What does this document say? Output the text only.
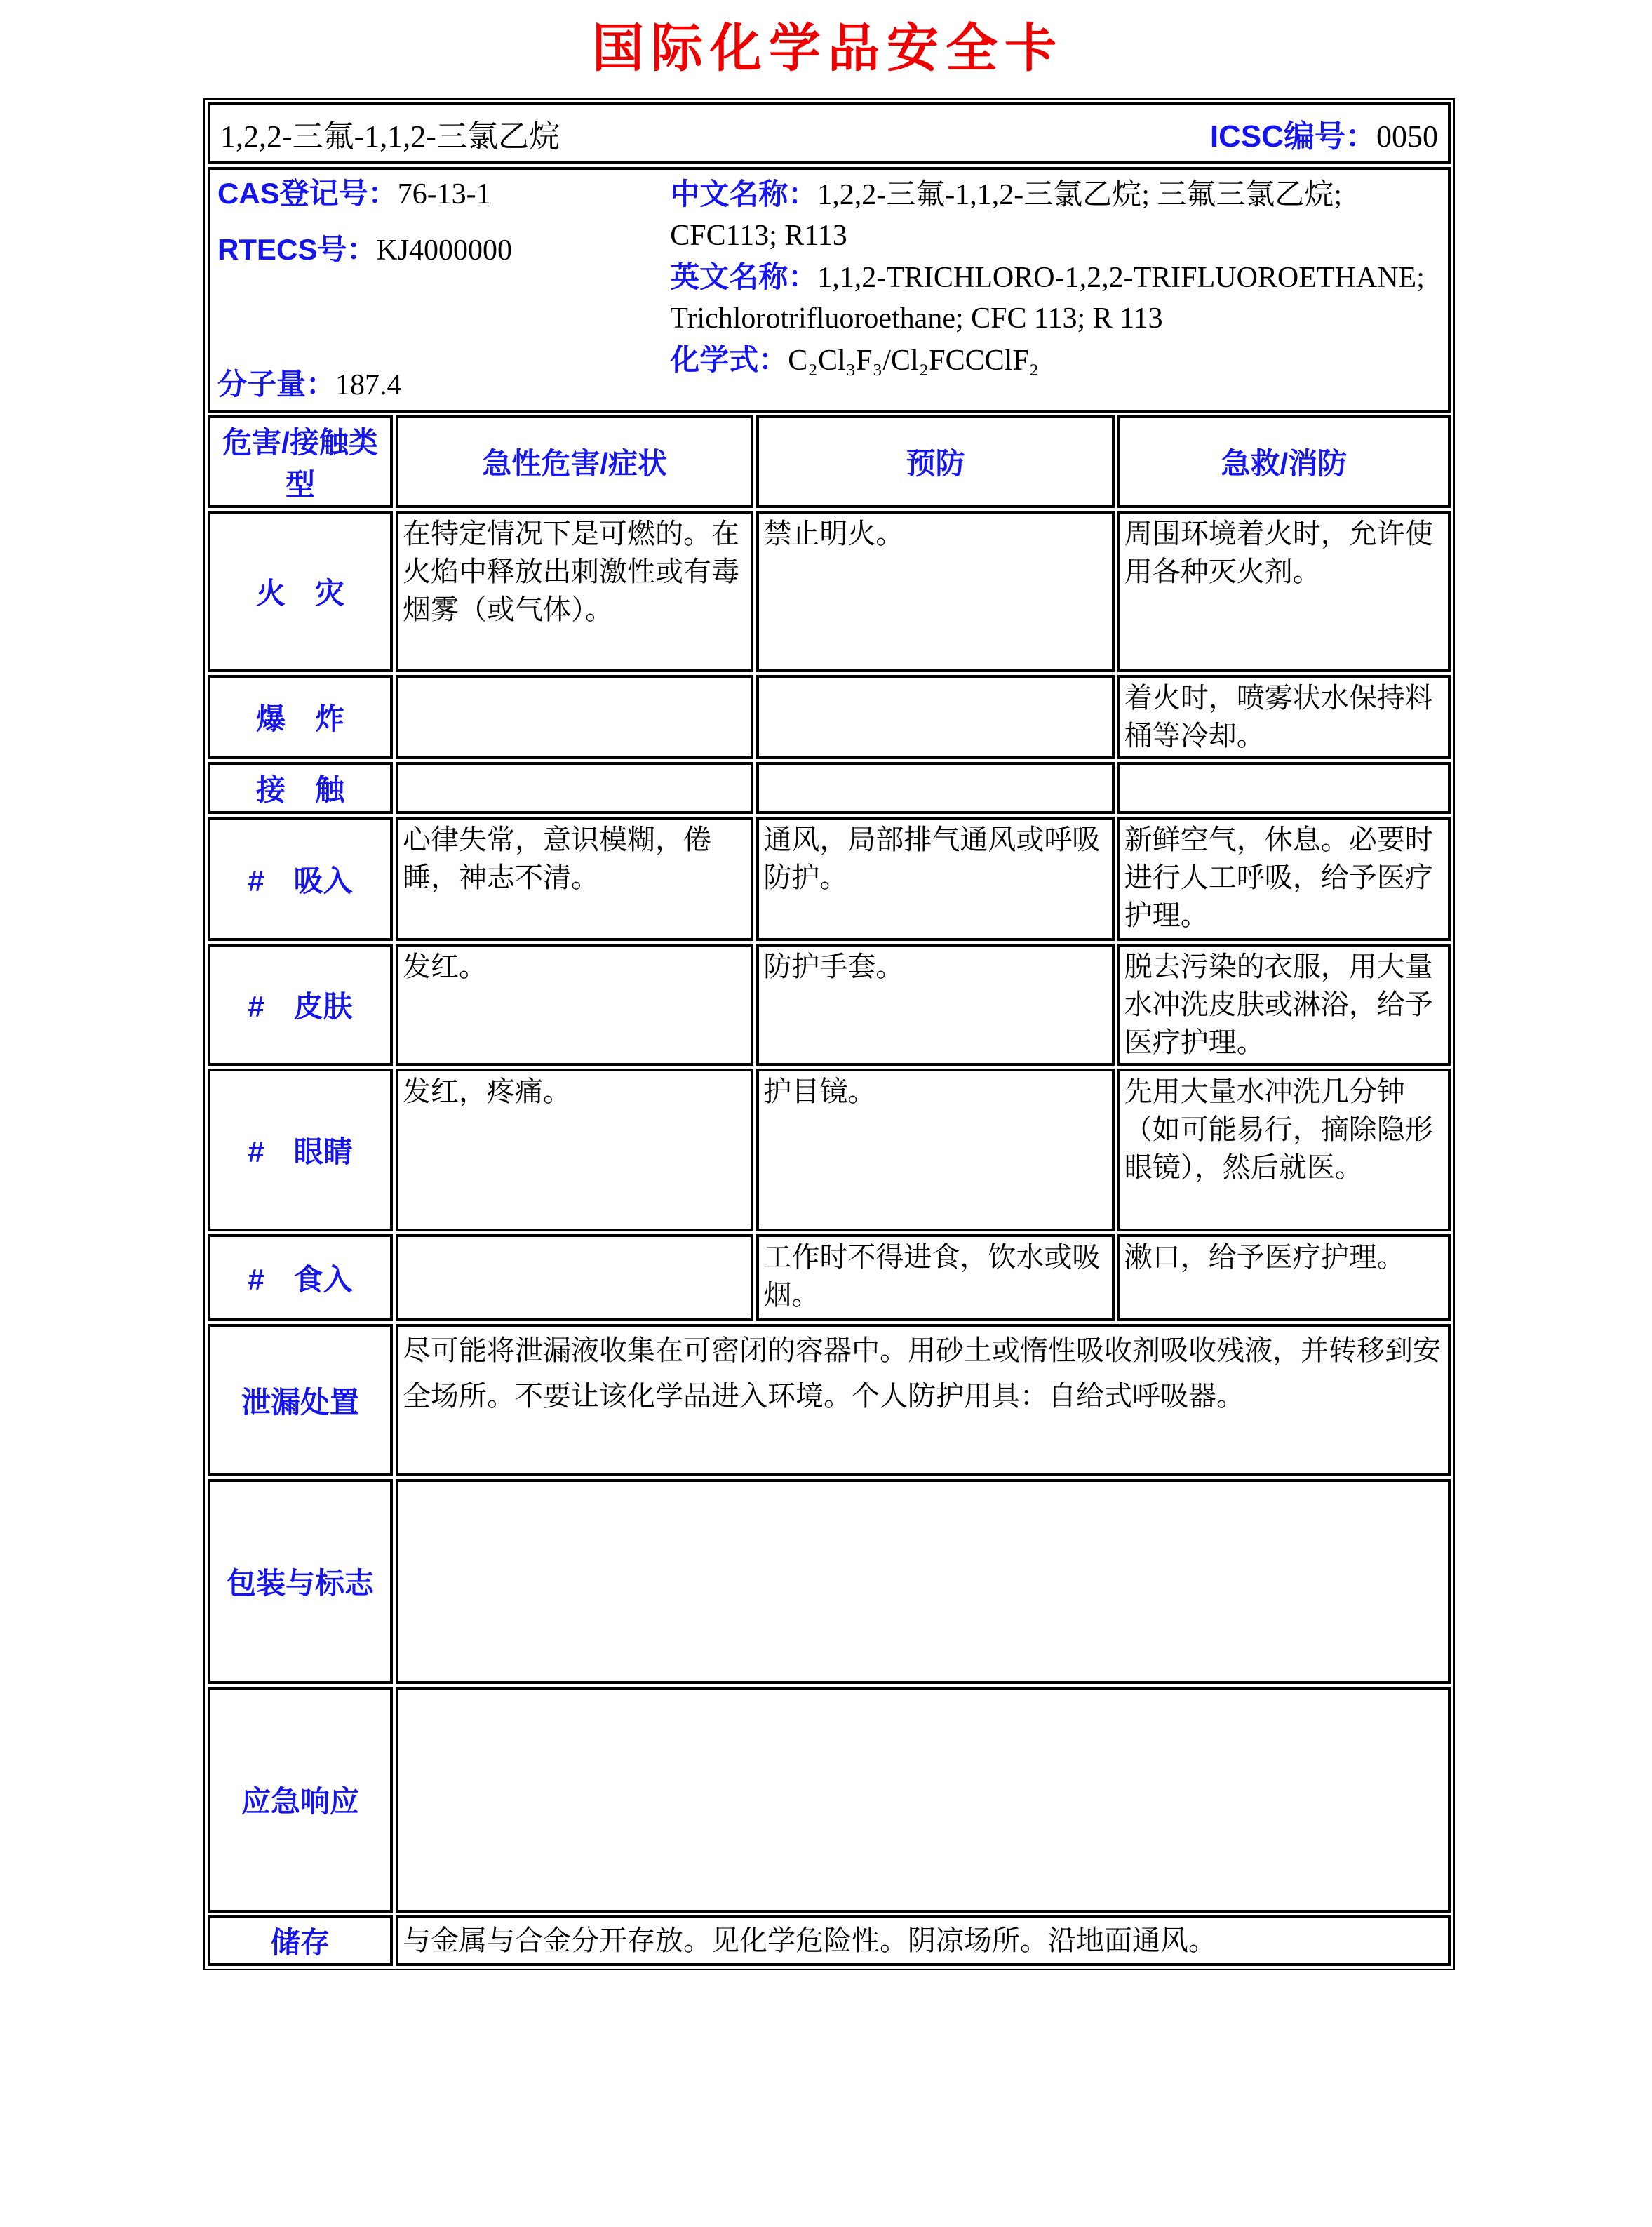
国际化学品安全卡
1,2,2-三氟-1,1,2-三氯乙烷 ICSC编号：0050			

CAS登记号：76-13-1

RTECS号：KJ4000000

分子量：187.4

中文名称：1,2,2-三氟-1,1,2-三氯乙烷; 三氟三氯乙烷; CFC113; R113

英文名称：1,1,2-TRICHLORO-1,2,2-TRIFLUOROETHANE; Trichlorotrifluoroethane; CFC 113; R 113

化学式：C₂Cl₃F₃/Cl₂FCCClF₂

危害/接触类型	急性危害/症状	预防	急救/消防
火　灾	在特定情况下是可燃的。在火焰中释放出刺激性或有毒烟雾（或气体）。	禁止明火。	周围环境着火时，允许使用各种灭火剂。
爆　炸			着火时，喷雾状水保持料桶等冷却。
接　触			
#　吸入	心律失常，意识模糊，倦睡，神志不清。	通风，局部排气通风或呼吸防护。	新鲜空气，休息。必要时进行人工呼吸，给予医疗护理。
#　皮肤	发红。	防护手套。	脱去污染的衣服，用大量水冲洗皮肤或淋浴，给予医疗护理。
#　眼睛	发红，疼痛。	护目镜。	先用大量水冲洗几分钟（如可能易行，摘除隐形眼镜），然后就医。
#　食入		工作时不得进食，饮水或吸烟。	漱口，给予医疗护理。
泄漏处置	尽可能将泄漏液收集在可密闭的容器中。用砂土或惰性吸收剂吸收残液，并转移到安全场所。不要让该化学品进入环境。个人防护用具：自给式呼吸器。		
包装与标志			
应急响应			
储存	与金属与合金分开存放。见化学危险性。阴凉场所。沿地面通风。		
